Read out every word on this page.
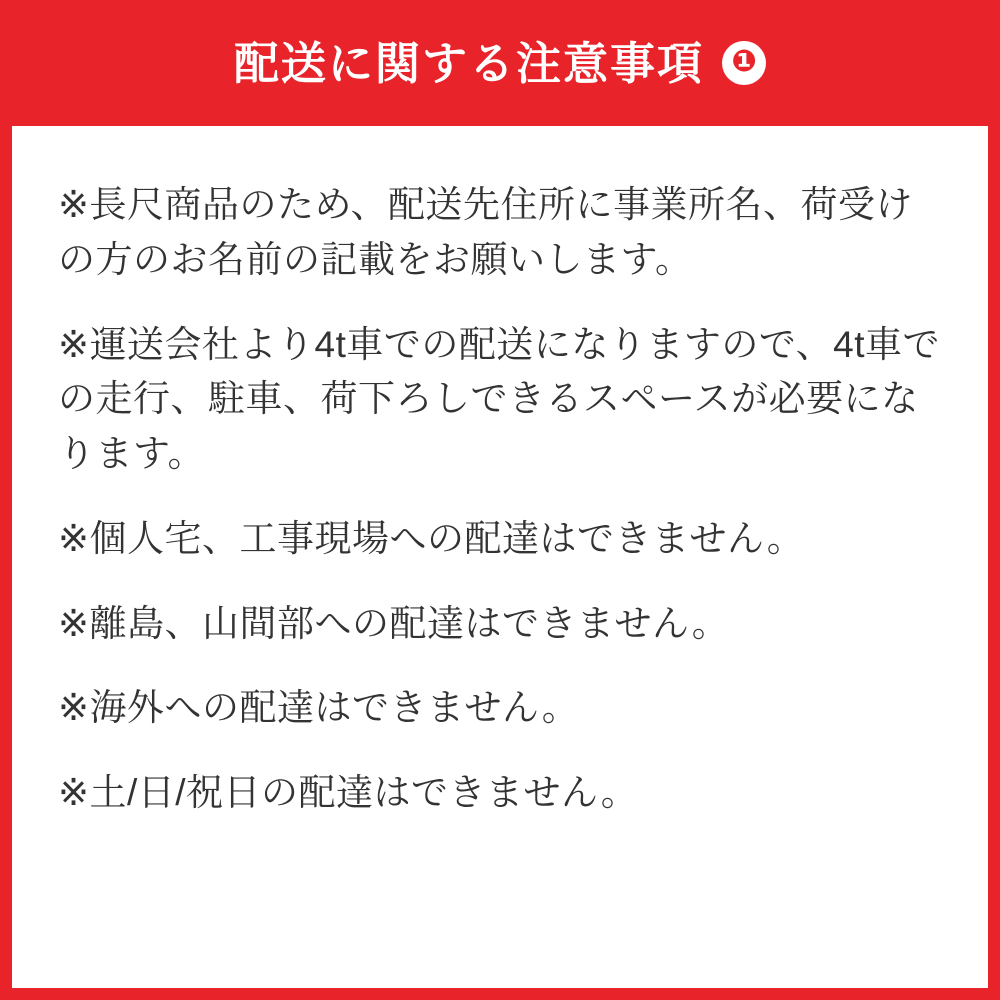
配送に関する注意事項 ❶

※長尺商品のため、配送先住所に事業所名、荷受けの方のお名前の記載をお願いします。

※運送会社より4t車での配送になりますので、4t車での走行、駐車、荷下ろしできるスペースが必要になります。

※個人宅、工事現場への配達はできません。

※離島、山間部への配達はできません。

※海外への配達はできません。

※土/日/祝日の配達はできません。
